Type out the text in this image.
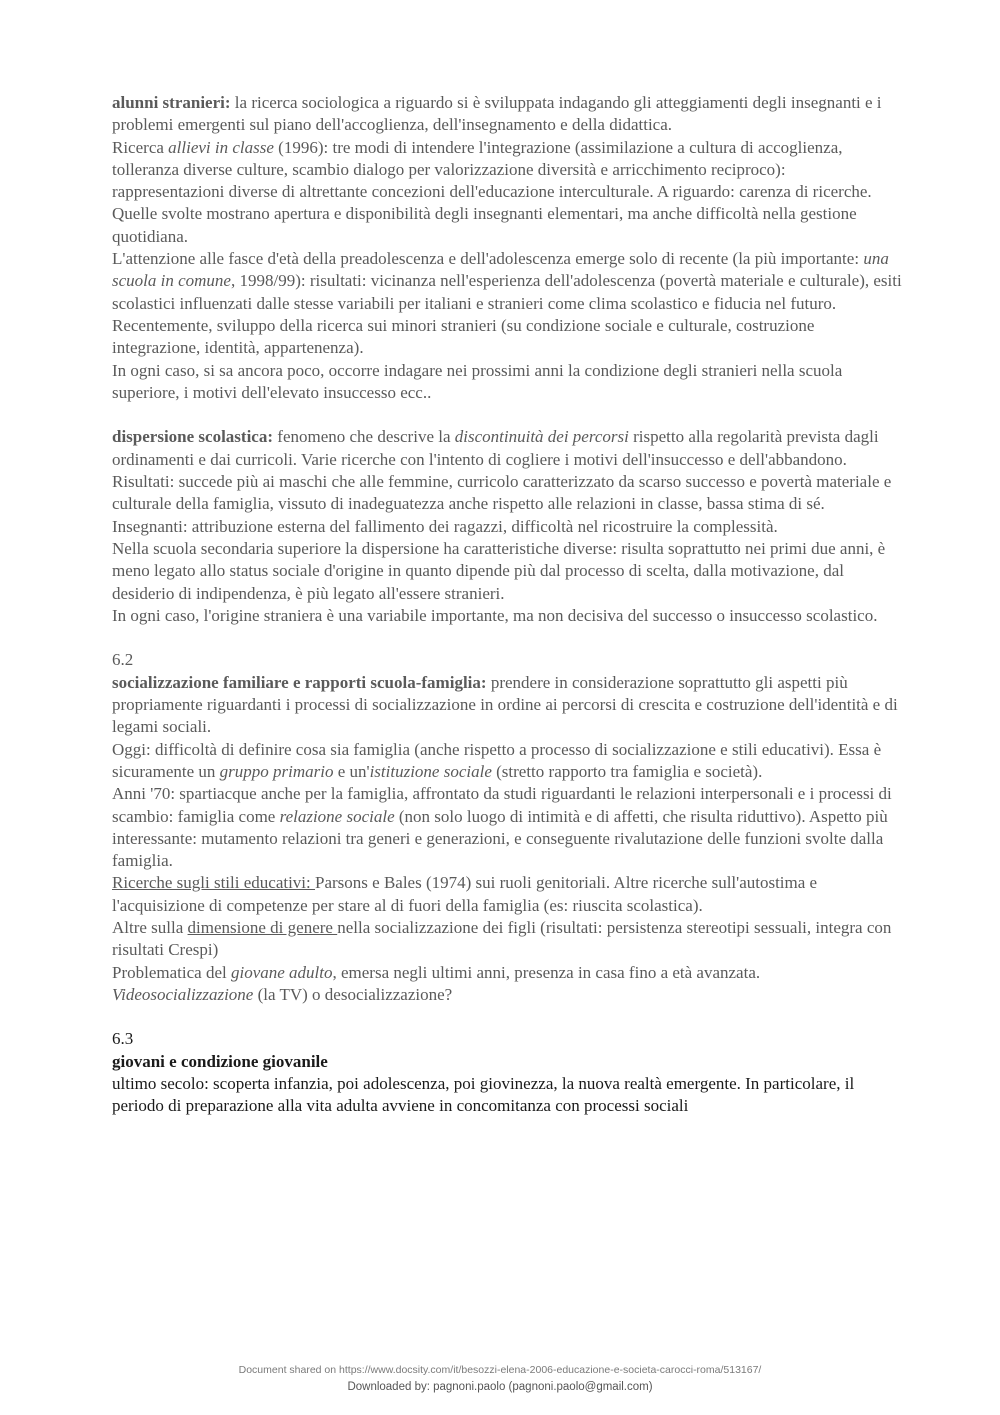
alunni stranieri: la ricerca sociologica a riguardo si è sviluppata indagando gli atteggiamenti degli insegnanti e i problemi emergenti sul piano dell'accoglienza, dell'insegnamento e della didattica.

Ricerca allievi in classe (1996): tre modi di intendere l'integrazione (assimilazione a cultura di accoglienza, tolleranza diverse culture, scambio dialogo per valorizzazione diversità e arricchimento reciproco): rappresentazioni diverse di altrettante concezioni dell'educazione interculturale. A riguardo: carenza di ricerche. Quelle svolte mostrano apertura e disponibilità degli insegnanti elementari, ma anche difficoltà nella gestione quotidiana.

L'attenzione alle fasce d'età della preadolescenza e dell'adolescenza emerge solo di recente (la più importante: una scuola in comune, 1998/99): risultati: vicinanza nell'esperienza dell'adolescenza (povertà materiale e culturale), esiti scolastici influenzati dalle stesse variabili per italiani e stranieri come clima scolastico e fiducia nel futuro.

Recentemente, sviluppo della ricerca sui minori stranieri (su condizione sociale e culturale, costruzione integrazione, identità, appartenenza).

In ogni caso, si sa ancora poco, occorre indagare nei prossimi anni la condizione degli stranieri nella scuola superiore, i motivi dell'elevato insuccesso ecc..

dispersione scolastica: fenomeno che descrive la discontinuità dei percorsi rispetto alla regolarità prevista dagli ordinamenti e dai curricoli. Varie ricerche con l'intento di cogliere i motivi dell'insuccesso e dell'abbandono.

Risultati: succede più ai maschi che alle femmine, curricolo caratterizzato da scarso successo e povertà materiale e culturale della famiglia, vissuto di inadeguatezza anche rispetto alle relazioni in classe, bassa stima di sé. Insegnanti: attribuzione esterna del fallimento dei ragazzi, difficoltà nel ricostruire la complessità.

Nella scuola secondaria superiore la dispersione ha caratteristiche diverse: risulta soprattutto nei primi due anni, è meno legato allo status sociale d'origine in quanto dipende più dal processo di scelta, dalla motivazione, dal desiderio di indipendenza, è più legato all'essere stranieri.

In ogni caso, l'origine straniera è una variabile importante, ma non decisiva del successo o insuccesso scolastico.

6.2

socializzazione familiare e rapporti scuola-famiglia: prendere in considerazione soprattutto gli aspetti più propriamente riguardanti i processi di socializzazione in ordine ai percorsi di crescita e costruzione dell'identità e di legami sociali.

Oggi: difficoltà di definire cosa sia famiglia (anche rispetto a processo di socializzazione e stili educativi). Essa è sicuramente un gruppo primario e un'istituzione sociale (stretto rapporto tra famiglia e società).

Anni '70: spartiacque anche per la famiglia, affrontato da studi riguardanti le relazioni interpersonali e i processi di scambio: famiglia come relazione sociale (non solo luogo di intimità e di affetti, che risulta riduttivo). Aspetto più interessante: mutamento relazioni tra generi e generazioni, e conseguente rivalutazione delle funzioni svolte dalla famiglia.

Ricerche sugli stili educativi: Parsons e Bales (1974) sui ruoli genitoriali. Altre ricerche sull'autostima e l'acquisizione di competenze per stare al di fuori della famiglia (es: riuscita scolastica).

Altre sulla dimensione di genere nella socializzazione dei figli (risultati: persistenza stereotipi sessuali, integra con risultati Crespi)

Problematica del giovane adulto, emersa negli ultimi anni, presenza in casa fino a età avanzata.

Videosocializzazione (la TV) o desocializzazione?

6.3

giovani e condizione giovanile

ultimo secolo: scoperta infanzia, poi adolescenza, poi giovinezza, la nuova realtà emergente. In particolare, il periodo di preparazione alla vita adulta avviene in concomitanza con processi sociali

Document shared on https://www.docsity.com/it/besozzi-elena-2006-educazione-e-societa-carocci-roma/513167/
Downloaded by: pagnoni.paolo (pagnoni.paolo@gmail.com)
